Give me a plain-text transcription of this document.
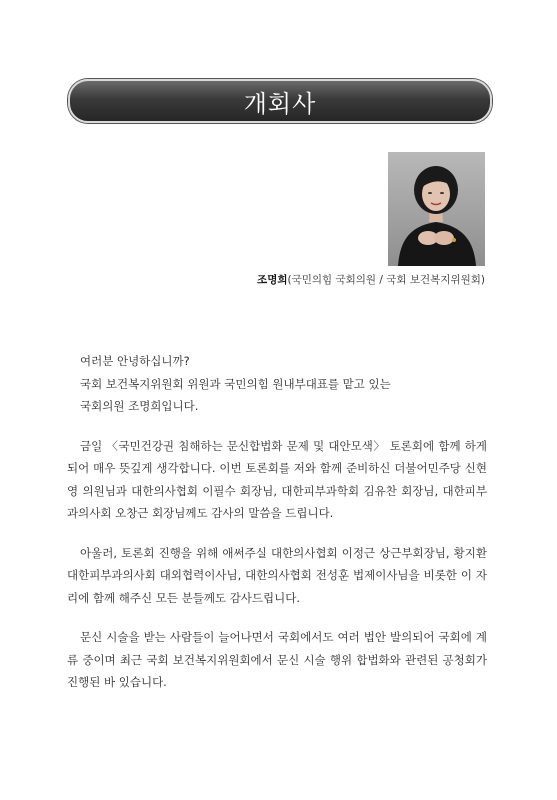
개회사
조명희(국민의힘 국회의원 / 국회 보건복지위원회)

여러분 안녕하십니까?
국회 보건복지위원회 위원과 국민의힘 원내부대표를 맡고 있는
국회의원 조명희입니다.

금일 〈국민건강권 침해하는 문신합법화 문제 및 대안모색〉 토론회에 함께 하게 되어 매우 뜻깊게 생각합니다. 이번 토론회를 저와 함께 준비하신 더불어민주당 신현영 의원님과 대한의사협회 이필수 회장님, 대한피부과학회 김유찬 회장님, 대한피부과의사회 오창근 회장님께도 감사의 말씀을 드립니다.

아울러, 토론회 진행을 위해 애써주실 대한의사협회 이정근 상근부회장님, 황지환 대한피부과의사회 대외협력이사님, 대한의사협회 전성훈 법제이사님을 비롯한 이 자리에 함께 해주신 모든 분들께도 감사드립니다.

문신 시술을 받는 사람들이 늘어나면서 국회에서도 여러 법안 발의되어 국회에 계류 중이며 최근 국회 보건복지위원회에서 문신 시술 행위 합법화와 관련된 공청회가 진행된 바 있습니다.
